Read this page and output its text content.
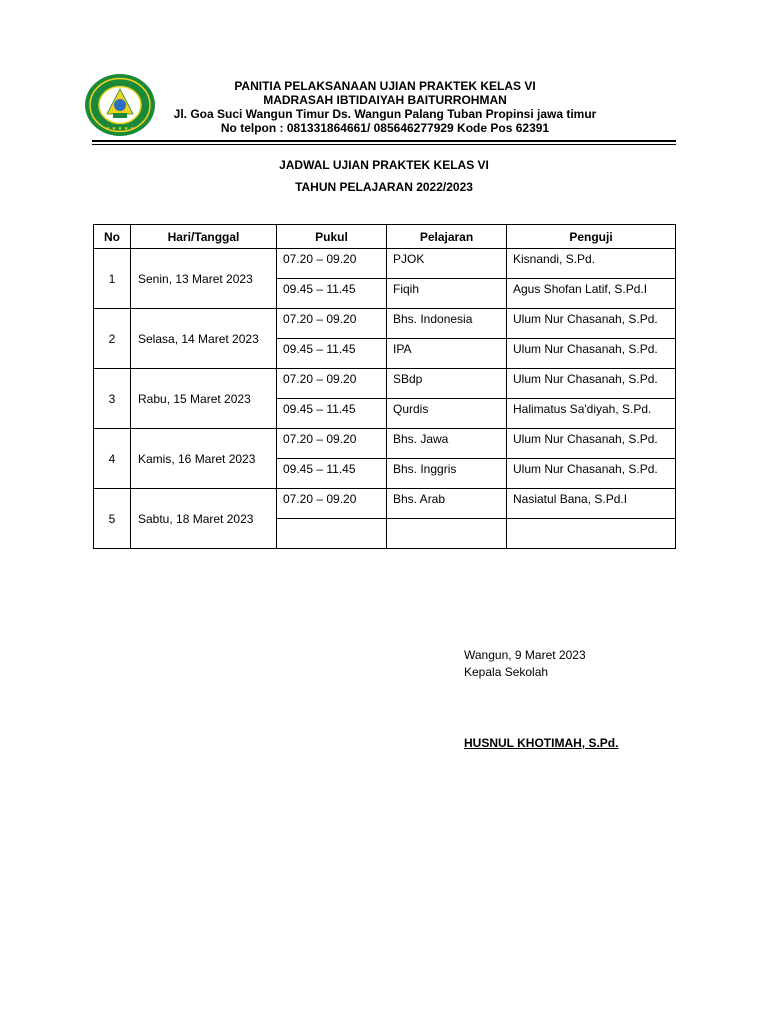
★ ★ ★ ★ ★
PANITIA PELAKSANAAN UJIAN PRAKTEK KELAS VI
MADRASAH IBTIDAIYAH BAITURROHMAN
Jl. Goa Suci Wangun Timur Ds. Wangun Palang Tuban Propinsi jawa timur
No telpon : 081331864661/ 085646277929 Kode Pos 62391
JADWAL UJIAN PRAKTEK KELAS VI
TAHUN PELAJARAN 2022/2023
No	Hari/Tanggal	Pukul	Pelajaran	Penguji
1	Senin, 13 Maret 2023	07.20 – 09.20	PJOK	Kisnandi, S.Pd.
		09.45 – 11.45	Fiqih	Agus Shofan Latif, S.Pd.I
2	Selasa, 14 Maret 2023	07.20 – 09.20	Bhs. Indonesia	Ulum Nur Chasanah, S.Pd.
		09.45 – 11.45	IPA	Ulum Nur Chasanah, S.Pd.
3	Rabu, 15 Maret 2023	07.20 – 09.20	SBdp	Ulum Nur Chasanah, S.Pd.
		09.45 – 11.45	Qurdis	Halimatus Sa'diyah, S.Pd.
4	Kamis, 16 Maret 2023	07.20 – 09.20	Bhs. Jawa	Ulum Nur Chasanah, S.Pd.
		09.45 – 11.45	Bhs. Inggris	Ulum Nur Chasanah, S.Pd.
5	Sabtu, 18 Maret 2023	07.20 – 09.20	Bhs. Arab	Nasiatul Bana, S.Pd.I

Wangun, 9 Maret 2023
Kepala Sekolah
HUSNUL KHOTIMAH, S.Pd.
